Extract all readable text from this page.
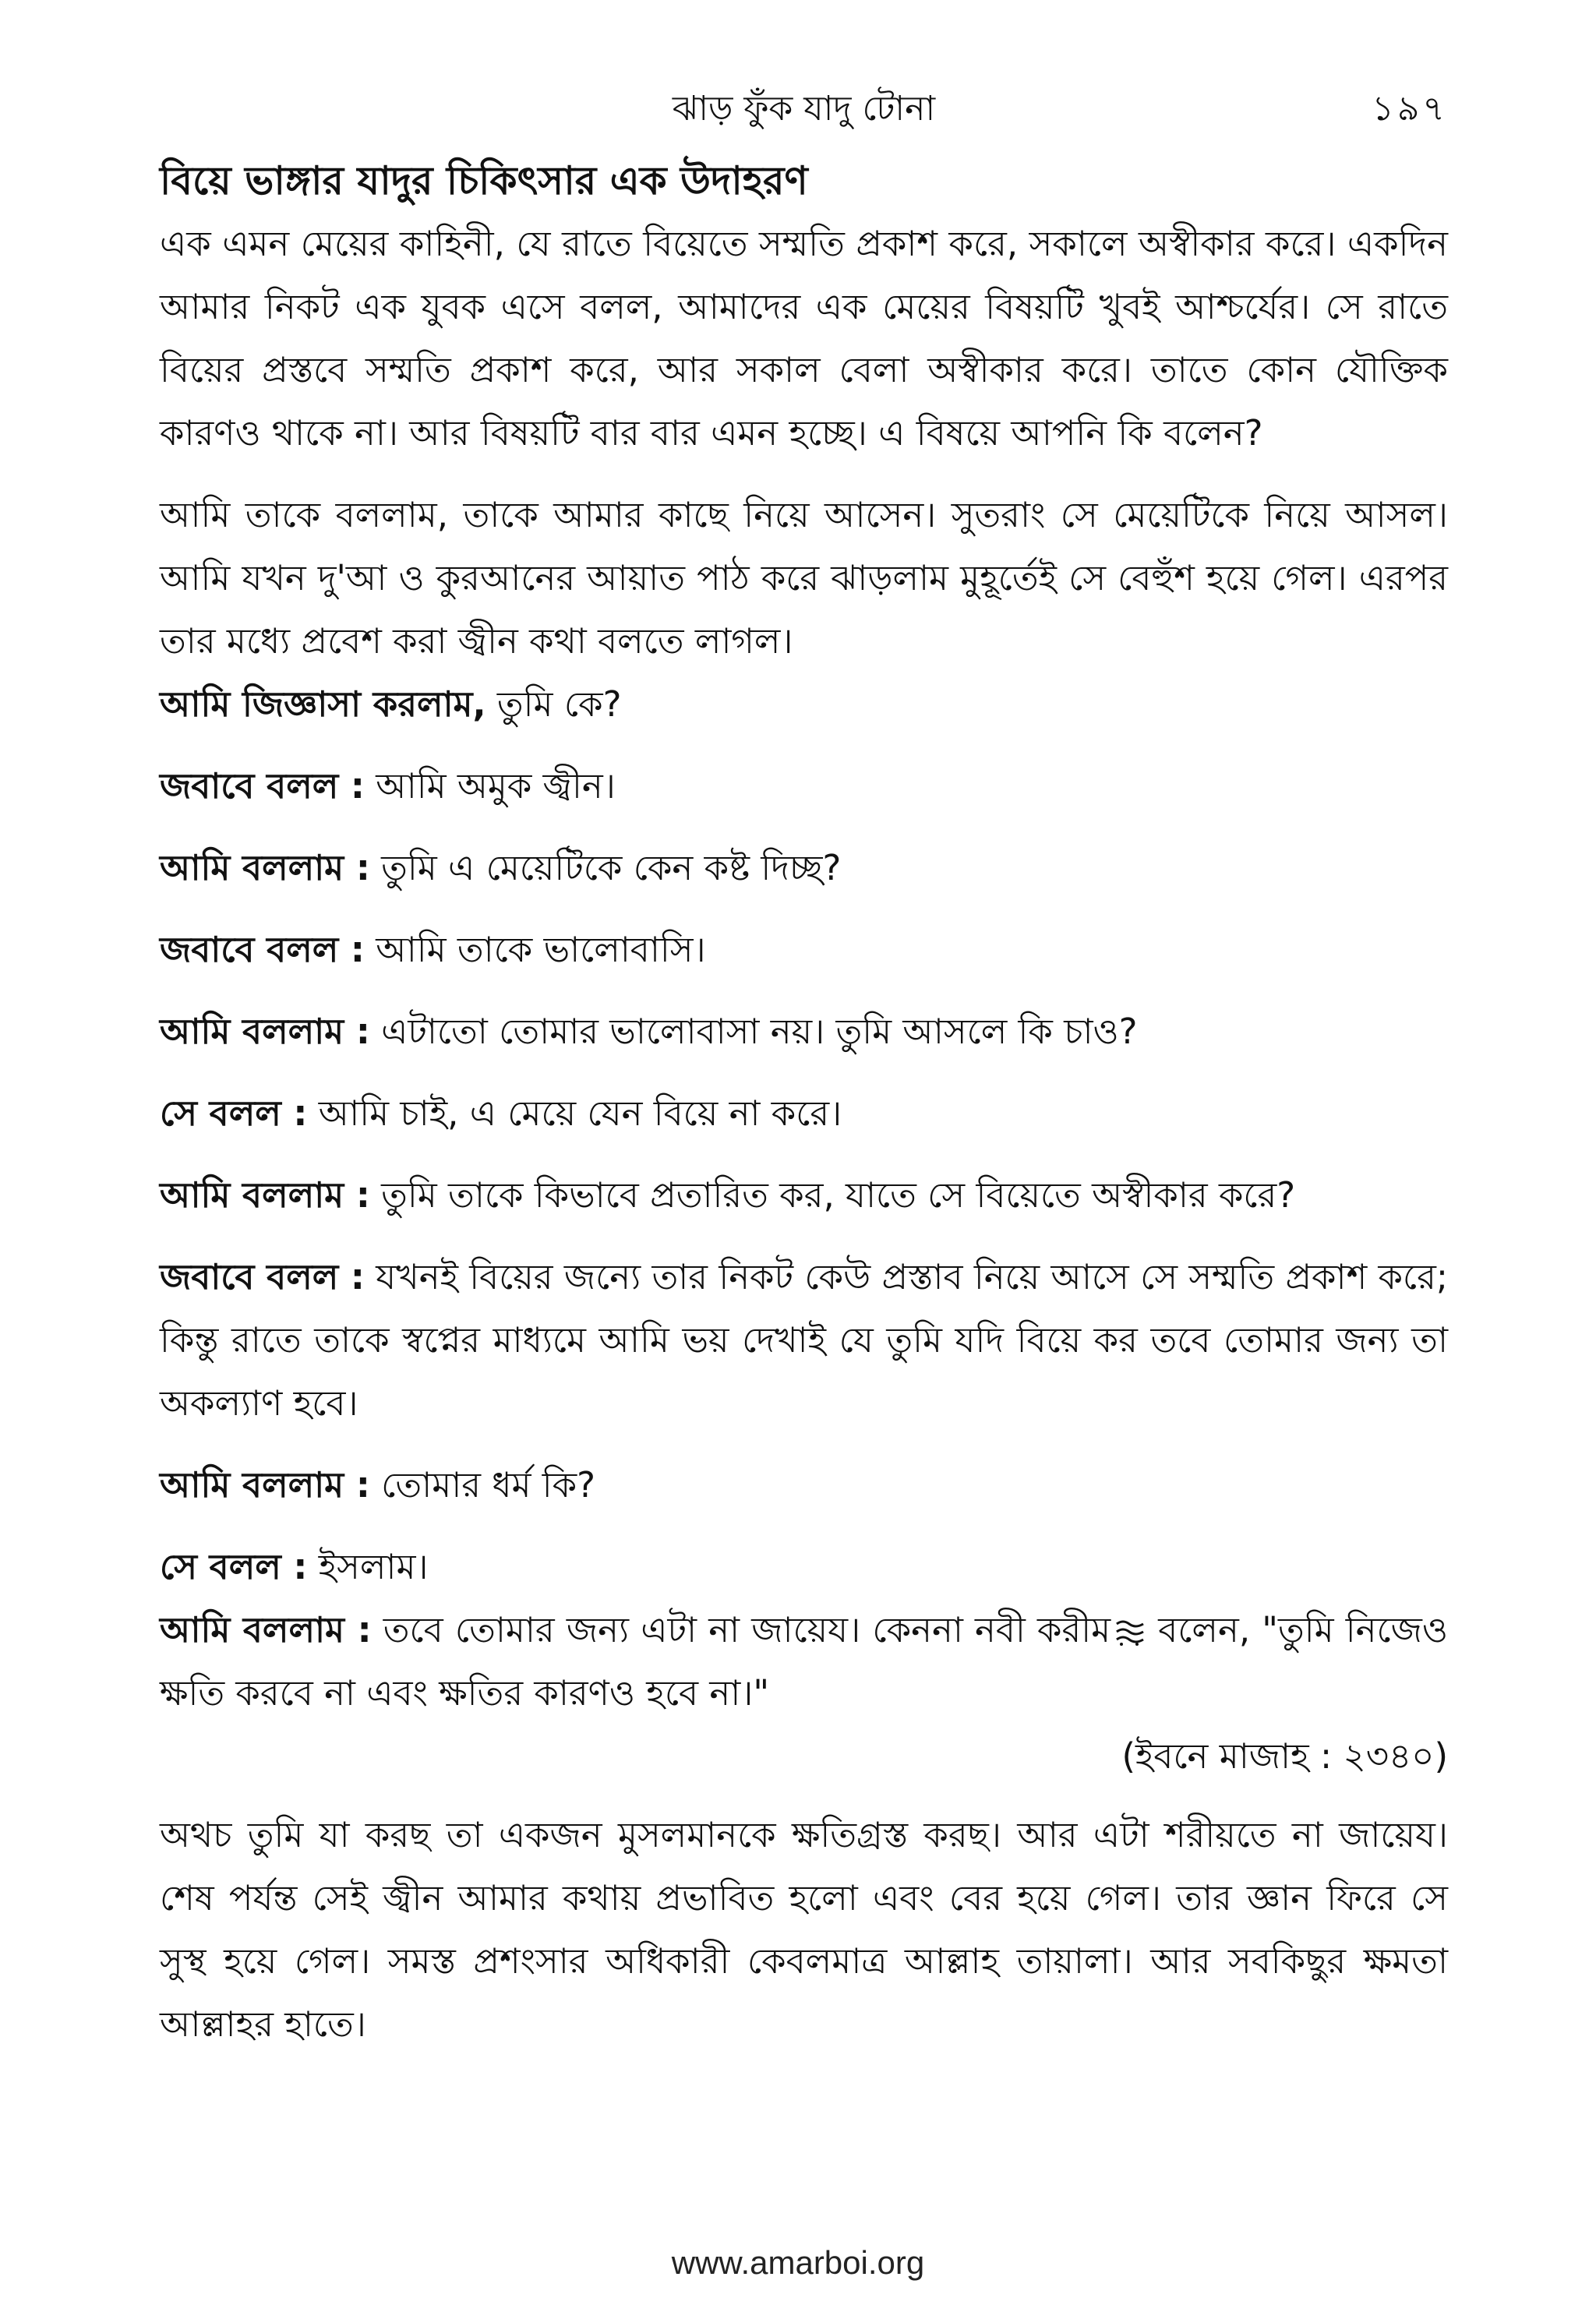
ঝাড় ফুঁক যাদু টোনা	১৯৭
বিয়ে ভাঙ্গার যাদুর চিকিৎসার এক উদাহরণ

এক এমন মেয়ের কাহিনী, যে রাতে বিয়েতে সম্মতি প্রকাশ করে, সকালে অস্বীকার করে। একদিন আমার নিকট এক যুবক এসে বলল, আমাদের এক মেয়ের বিষয়টি খুবই আশ্চর্যের। সে রাতে বিয়ের প্রস্তবে সম্মতি প্রকাশ করে, আর সকাল বেলা অস্বীকার করে। তাতে কোন যৌক্তিক কারণও থাকে না। আর বিষয়টি বার বার এমন হচ্ছে। এ বিষয়ে আপনি কি বলেন?

আমি তাকে বললাম, তাকে আমার কাছে নিয়ে আসেন। সুতরাং সে মেয়েটিকে নিয়ে আসল। আমি যখন দু'আ ও কুরআনের আয়াত পাঠ করে ঝাড়লাম মুহূর্তেই সে বেহুঁশ হয়ে গেল। এরপর তার মধ্যে প্রবেশ করা জ্বীন কথা বলতে লাগল।

আমি জিজ্ঞাসা করলাম, তুমি কে?

জবাবে বলল : আমি অমুক জ্বীন।

আমি বললাম : তুমি এ মেয়েটিকে কেন কষ্ট দিচ্ছ?

জবাবে বলল : আমি তাকে ভালোবাসি।

আমি বললাম : এটাতো তোমার ভালোবাসা নয়। তুমি আসলে কি চাও?

সে বলল : আমি চাই, এ মেয়ে যেন বিয়ে না করে।

আমি বললাম : তুমি তাকে কিভাবে প্রতারিত কর, যাতে সে বিয়েতে অস্বীকার করে?

জবাবে বলল : যখনই বিয়ের জন্যে তার নিকট কেউ প্রস্তাব নিয়ে আসে সে সম্মতি প্রকাশ করে; কিন্তু রাতে তাকে স্বপ্নের মাধ্যমে আমি ভয় দেখাই যে তুমি যদি বিয়ে কর তবে তোমার জন্য তা অকল্যাণ হবে।

আমি বললাম : তোমার ধর্ম কি?

সে বলল : ইসলাম।

আমি বললাম : তবে তোমার জন্য এটা না জায়েয। কেননা নবী করীম বলেন, "তুমি নিজেও ক্ষতি করবে না এবং ক্ষতির কারণও হবে না।"

(ইবনে মাজাহ : ২৩৪০)

অথচ তুমি যা করছ তা একজন মুসলমানকে ক্ষতিগ্রস্ত করছ। আর এটা শরীয়তে না জায়েয। শেষ পর্যন্ত সেই জ্বীন আমার কথায় প্রভাবিত হলো এবং বের হয়ে গেল। তার জ্ঞান ফিরে সে সুস্থ হয়ে গেল। সমস্ত প্রশংসার অধিকারী কেবলমাত্র আল্লাহ তায়ালা। আর সবকিছুর ক্ষমতা আল্লাহর হাতে।

www.amarboi.org
